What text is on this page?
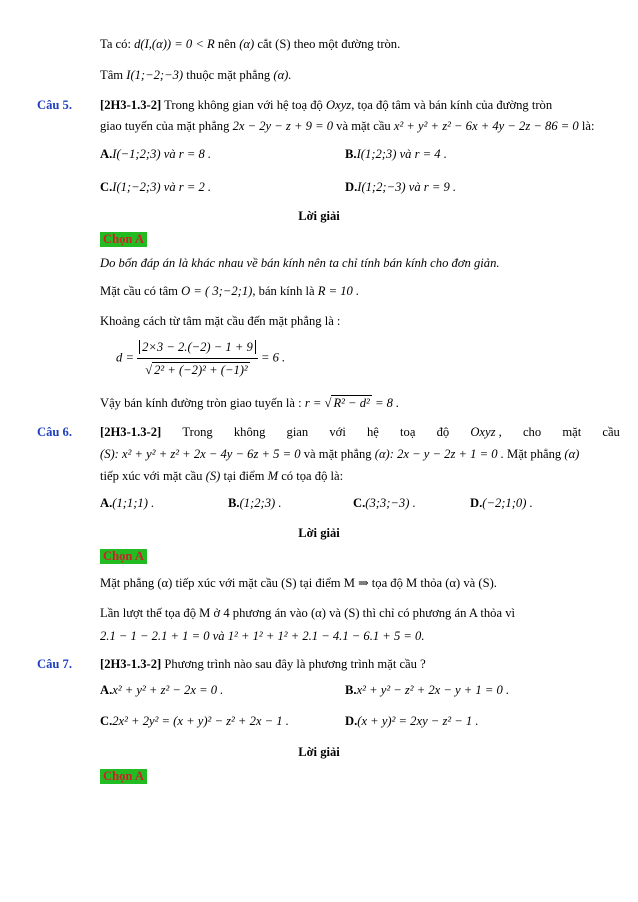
Ta có: d(I,(α)) = 0 < R nên (α) cắt (S) theo một đường tròn.
Tâm I(1;−2;−3) thuộc mặt phẳng (α).
Câu 5. [2H3-1.3-2] Trong không gian với hệ toạ độ Oxyz, tọa độ tâm và bán kính của đường tròn
giao tuyến của mặt phẳng 2x − 2y − z + 9 = 0 và mặt cầu x² + y² + z² − 6x + 4y − 2z − 86 = 0 là:
A.I(−1;2;3) và r = 8 .	B.I(1;2;3) và r = 4 .
C.I(1;−2;3) và r = 2 .	D.I(1;2;−3) và r = 9 .
Lời giải
Chọn A
Do bốn đáp án là khác nhau về bán kính nên ta chỉ tính bán kính cho đơn giản.
Mặt cầu có tâm O = ( 3;−2;1), bán kính là R = 10 .
Khoảng cách từ tâm mặt cầu đến mặt phẳng là :
$d = \frac{2\times 3 - 2.(-2) - 1 + 9}{\text{√ 2² + (−2)² + (−1)²}} = 6$ .
Vậy bán kính đường tròn giao tuyến là : r = √ R² − d² = 8 .
Câu 6. [2H3-1.3-2] Trong không gian với hệ toạ độ Oxyz , cho mặt cầu
(S): x² + y² + z² + 2x − 4y − 6z + 5 = 0 và mặt phẳng (α): 2x − y − 2z + 1 = 0 . Mặt phẳng (α)
tiếp xúc với mặt cầu (S) tại điểm M có tọa độ là:
A.(1;1;1) .	B.(1;2;3) .	C.(3;3;−3) .	D.(−2;1;0) .
Lời giải
Chọn A
Mặt phẳng (α) tiếp xúc với mặt cầu (S) tại điểm M ⇒ tọa độ M thỏa (α) và (S).
Lần lượt thế tọa độ M ở 4 phương án vào (α) và (S) thì chỉ có phương án A thỏa vì
2.1 − 1 − 2.1 + 1 = 0 và 1² + 1² + 1² + 2.1 − 4.1 − 6.1 + 5 = 0.
Câu 7. [2H3-1.3-2] Phương trình nào sau đây là phương trình mặt cầu ?
A.x² + y² + z² − 2x = 0 .	B.x² + y² − z² + 2x − y + 1 = 0 .
C.2x² + 2y² = (x + y)² − z² + 2x − 1 .	D.(x + y)² = 2xy − z² − 1 .
Lời giải
Chọn A
